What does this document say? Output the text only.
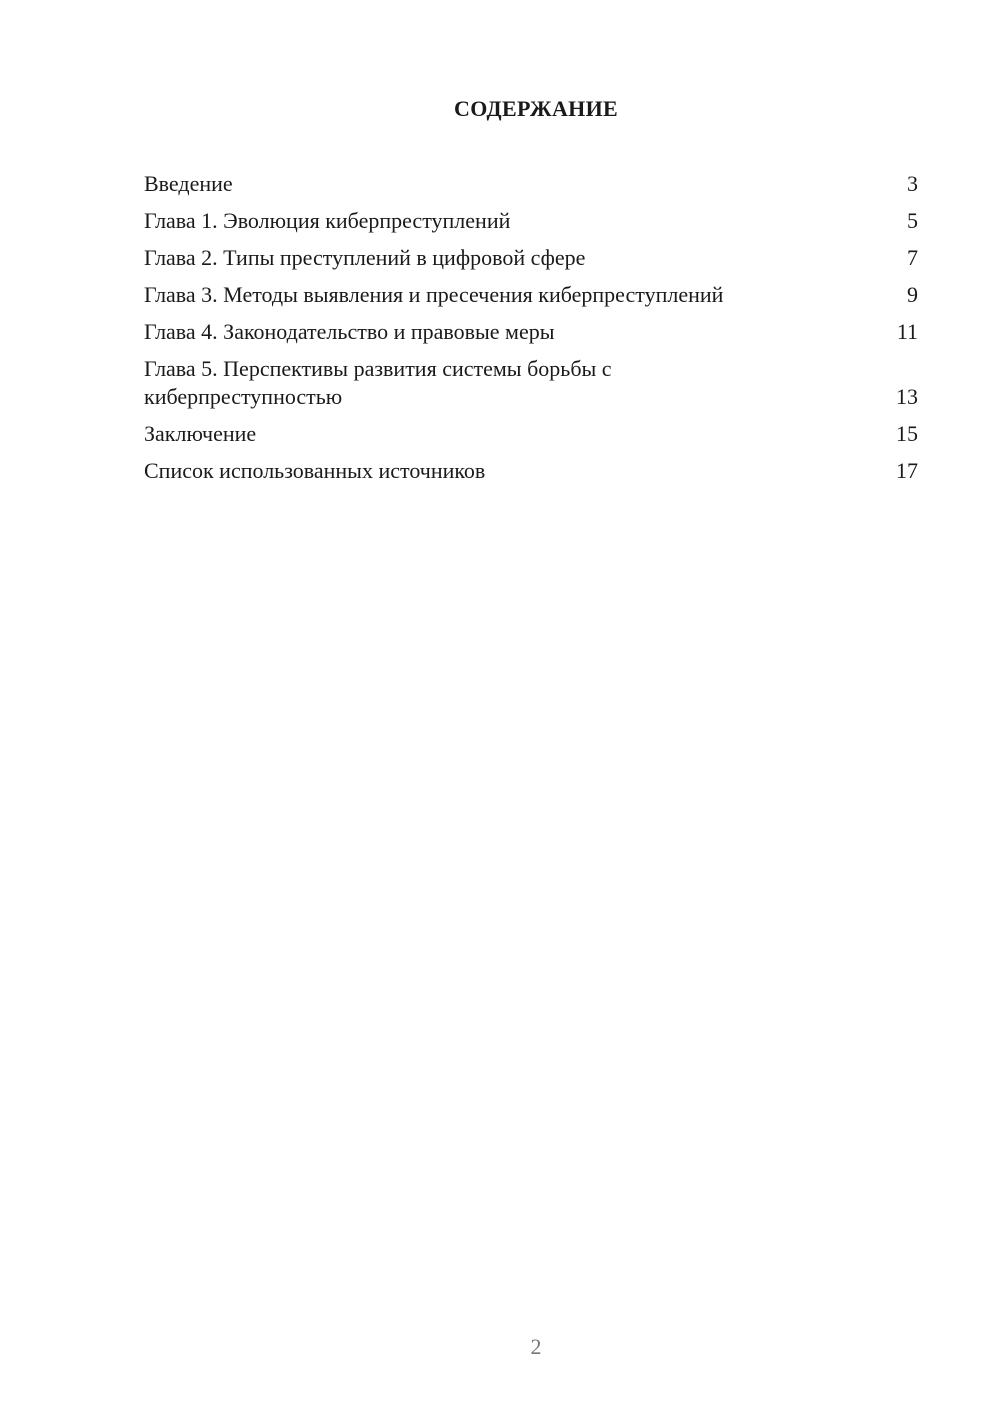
СОДЕРЖАНИЕ
Введение	3
Глава 1. Эволюция киберпреступлений	5
Глава 2. Типы преступлений в цифровой сфере	7
Глава 3. Методы выявления и пресечения киберпреступлений	9
Глава 4. Законодательство и правовые меры	11
Глава 5. Перспективы развития системы борьбы с киберпреступностью	13
Заключение	15
Список использованных источников	17
2
